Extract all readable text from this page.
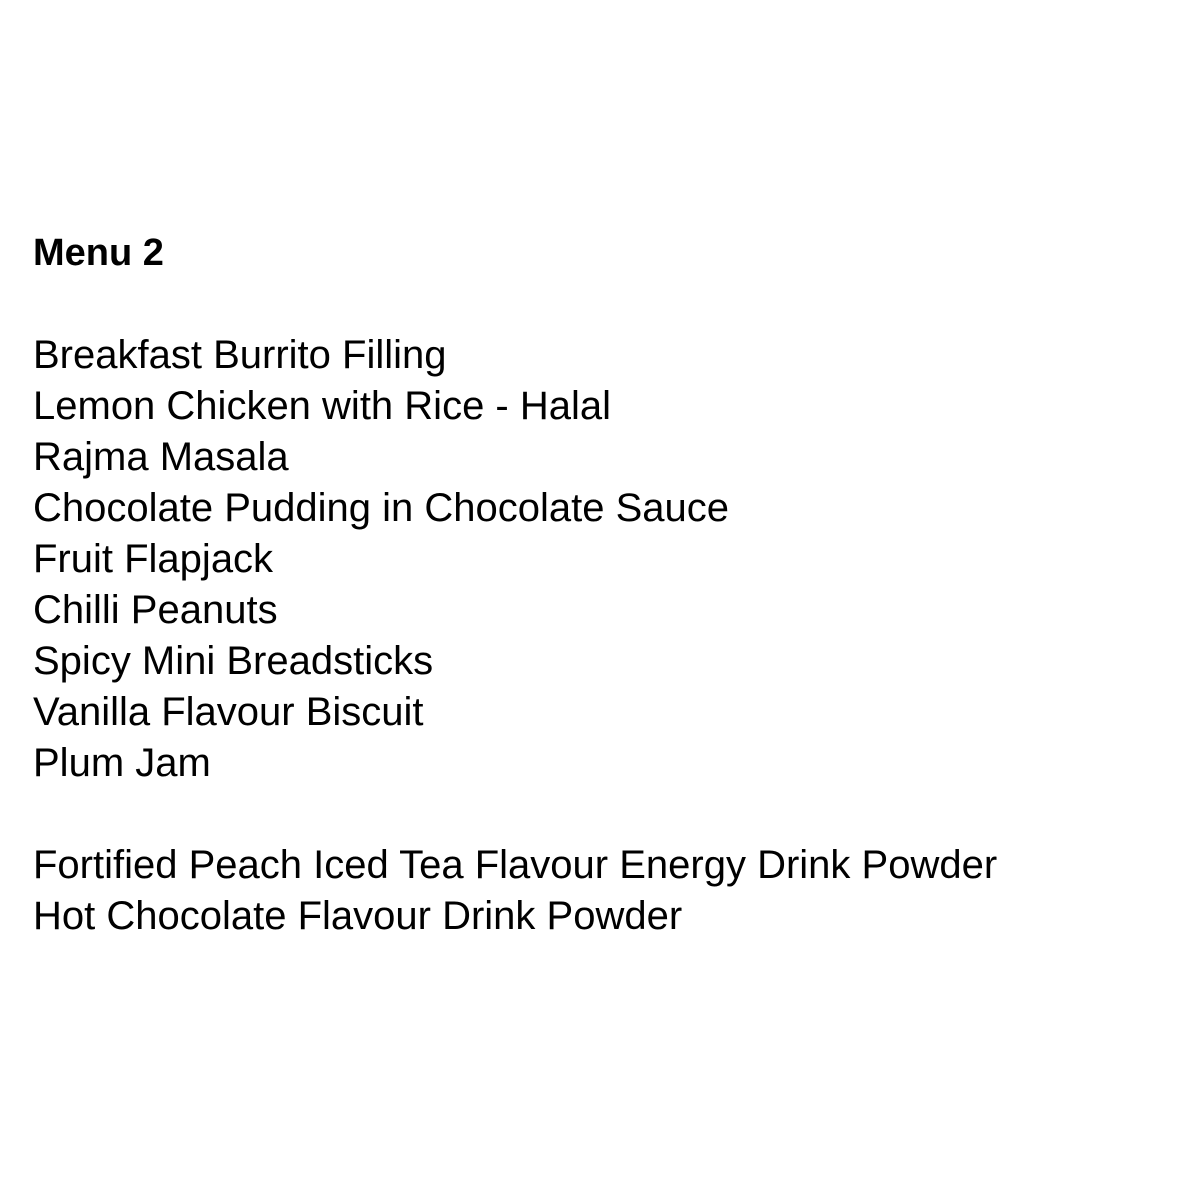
Menu 2
Breakfast Burrito Filling
Lemon Chicken with Rice - Halal
Rajma Masala
Chocolate Pudding in Chocolate Sauce
Fruit Flapjack
Chilli Peanuts
Spicy Mini Breadsticks
Vanilla Flavour Biscuit
Plum Jam
Fortified Peach Iced Tea Flavour Energy Drink Powder
Hot Chocolate Flavour Drink Powder
